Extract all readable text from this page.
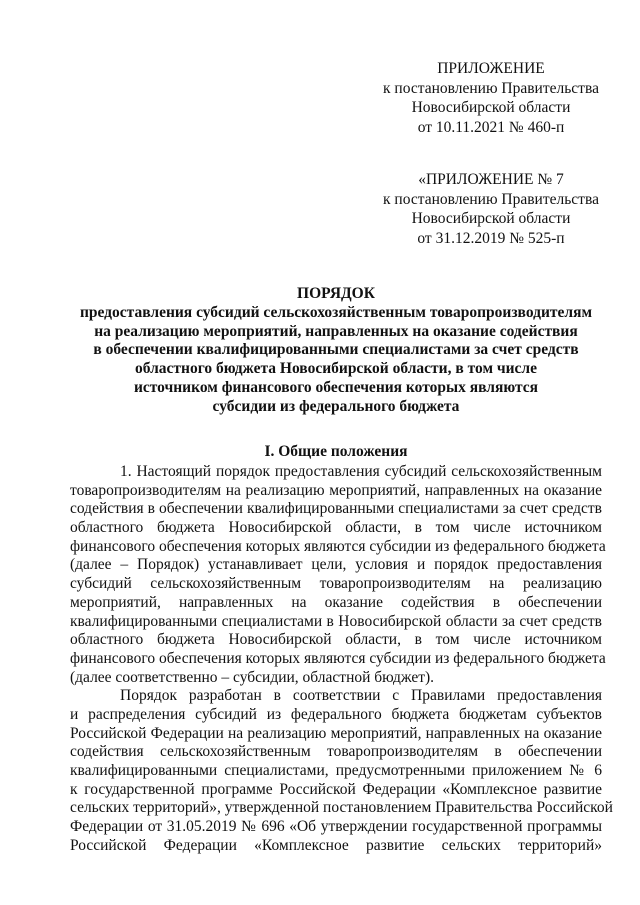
ПРИЛОЖЕНИЕ
к постановлению Правительства
Новосибирской области
от 10.11.2021 № 460-п
«ПРИЛОЖЕНИЕ № 7
к постановлению Правительства
Новосибирской области
от 31.12.2019 № 525-п
ПОРЯДОК
предоставления субсидий сельскохозяйственным товаропроизводителям
на реализацию мероприятий, направленных на оказание содействия
в обеспечении квалифицированными специалистами за счет средств
областного бюджета Новосибирской области, в том числе
источником финансового обеспечения которых являются
субсидии из федерального бюджета
I. Общие положения
1. Настоящий порядок предоставления субсидий сельскохозяйственным
товаропроизводителям на реализацию мероприятий, направленных на оказание
содействия в обеспечении квалифицированными специалистами за счет средств
областного бюджета Новосибирской области, в том числе источником
финансового обеспечения которых являются субсидии из федерального бюджета
(далее – Порядок) устанавливает цели, условия и порядок предоставления
субсидий сельскохозяйственным товаропроизводителям на реализацию
мероприятий, направленных на оказание содействия в обеспечении
квалифицированными специалистами в Новосибирской области за счет средств
областного бюджета Новосибирской области, в том числе источником
финансового обеспечения которых являются субсидии из федерального бюджета
(далее соответственно – субсидии, областной бюджет).
Порядок разработан в соответствии с Правилами предоставления
и распределения субсидий из федерального бюджета бюджетам субъектов
Российской Федерации на реализацию мероприятий, направленных на оказание
содействия сельскохозяйственным товаропроизводителям в обеспечении
квалифицированными специалистами, предусмотренными приложением № 6
к государственной программе Российской Федерации «Комплексное развитие
сельских территорий», утвержденной постановлением Правительства Российской
Федерации от 31.05.2019 № 696 «Об утверждении государственной программы
Российской Федерации «Комплексное развитие сельских территорий»
